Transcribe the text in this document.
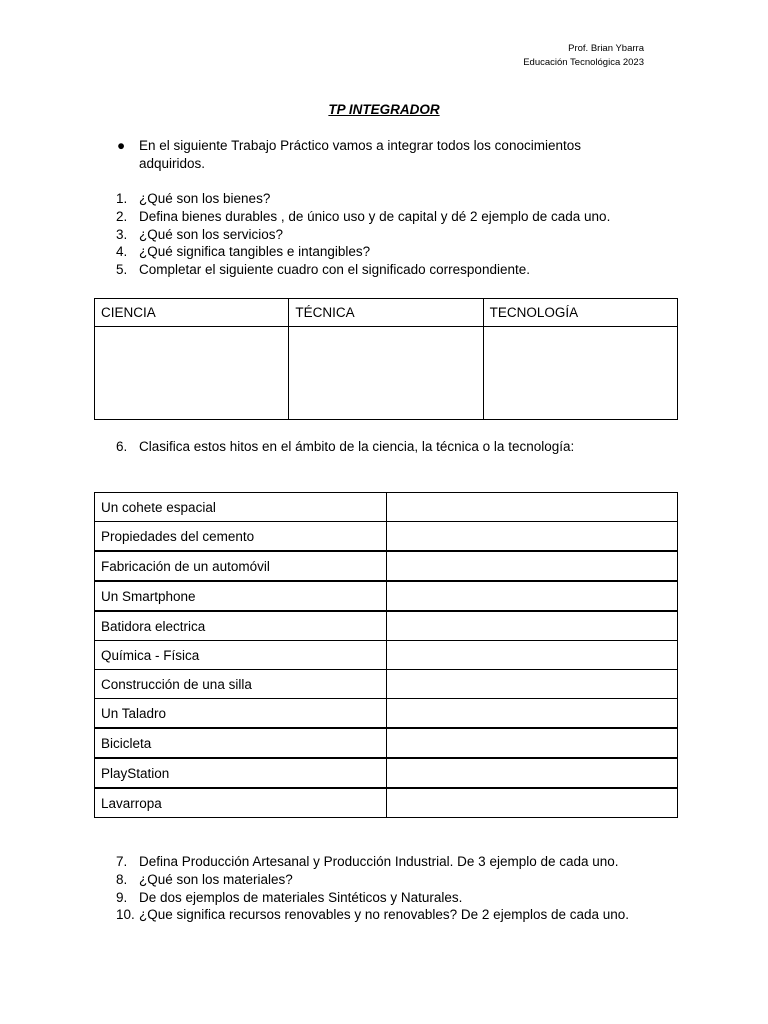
Prof. Brian Ybarra
Educación Tecnológica 2023
TP INTEGRADOR
● En el siguiente Trabajo Práctico vamos a integrar todos los conocimientos adquiridos.
1. ¿Qué son los bienes?
2. Defina bienes durables , de único uso y de capital y dé 2 ejemplo de cada uno.
3. ¿Qué son los servicios?
4. ¿Qué significa tangibles e intangibles?
5. Completar el siguiente cuadro con el significado correspondiente.
CIENCIA	TÉCNICA	TECNOLOGÍA

6. Clasifica estos hitos en el ámbito de la ciencia, la técnica o la tecnología:
Un cohete espacial	
Propiedades del cemento	
Fabricación de un automóvil	
Un Smartphone	
Batidora electrica	
Química - Física	
Construcción de una silla	
Un Taladro	
Bicicleta	
PlayStation	
Lavarropa	
7. Defina Producción Artesanal y Producción Industrial. De 3 ejemplo de cada uno.
8. ¿Qué son los materiales?
9. De dos ejemplos de materiales Sintéticos y Naturales.
10. ¿Que significa recursos renovables y no renovables? De 2 ejemplos de cada uno.
